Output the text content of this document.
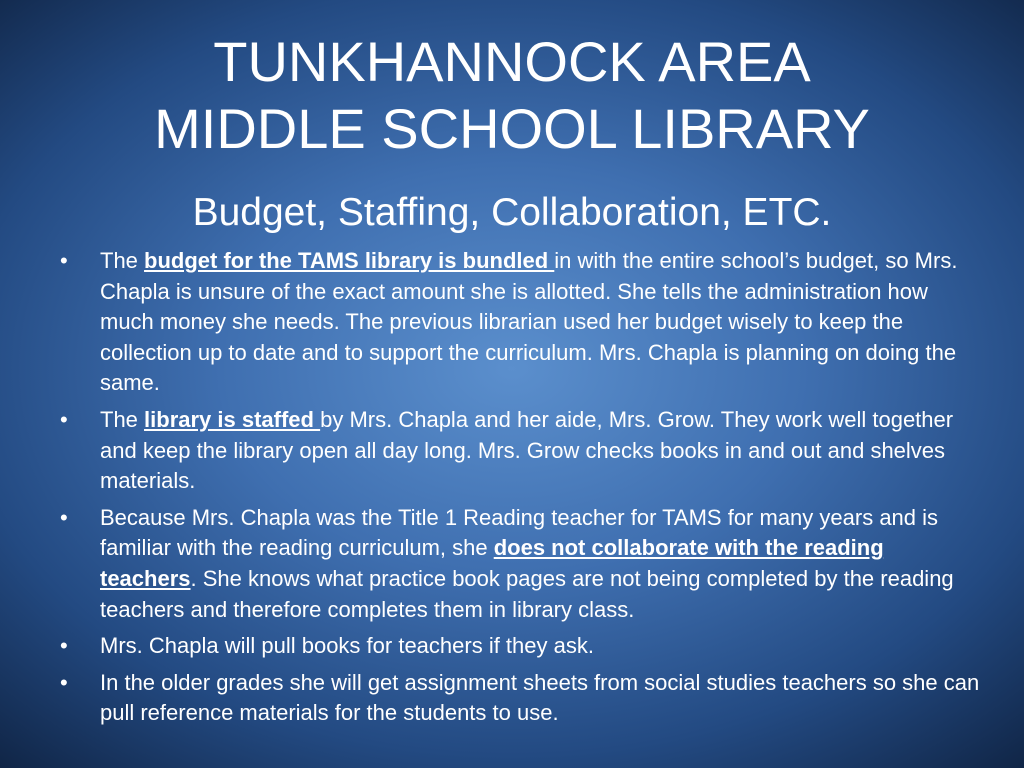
TUNKHANNOCK AREA
MIDDLE SCHOOL LIBRARY
Budget, Staffing, Collaboration, ETC.
• The budget for the TAMS library is bundled in with the entire school’s budget, so Mrs. Chapla is unsure of the exact amount she is allotted. She tells the administration how much money she needs. The previous librarian used her budget wisely to keep the collection up to date and to support the curriculum. Mrs. Chapla is planning on doing the same.
• The library is staffed by Mrs. Chapla and her aide, Mrs. Grow. They work well together and keep the library open all day long. Mrs. Grow checks books in and out and shelves materials.
• Because Mrs. Chapla was the Title 1 Reading teacher for TAMS for many years and is familiar with the reading curriculum, she does not collaborate with the reading teachers. She knows what practice book pages are not being completed by the reading teachers and therefore completes them in library class.
• Mrs. Chapla will pull books for teachers if they ask.
• In the older grades she will get assignment sheets from social studies teachers so she can pull reference materials for the students to use.
